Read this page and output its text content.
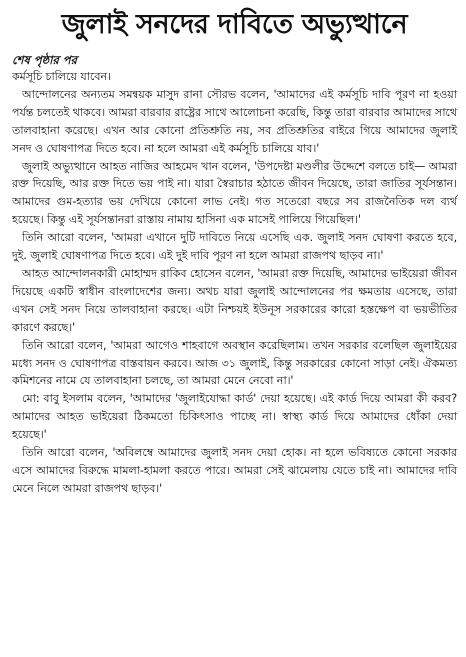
জুলাই সনদের দাবিতে অভ্যুত্থানে
শেষ পৃষ্ঠার পর

কর্মসূচি চালিয়ে যাবেন।

আন্দোলনের অন্যতম সমন্বয়ক মাসুদ রানা সৌরভ বলেন, 'আমাদের এই কর্মসূচি দাবি পূরণ না হওয়া পর্যন্ত চলতেই থাকবে। আমরা বারবার রাষ্ট্রের সাথে আলোচনা করেছি, কিন্তু তারা বারবার আমাদের সাথে তালবাহানা করেছে। এখন আর কোনো প্রতিশ্রুতি নয়, সব প্রতিশ্রুতির বাইরে গিয়ে আমাদের জুলাই সনদ ও ঘোষণাপত্র দিতে হবে। না হলে আমরা এই কর্মসূচি চালিয়ে যাব।'

জুলাই অভ্যুত্থানে আহত নাজির আহমেদ খান বলেন, 'উপদেষ্টা মণ্ডলীর উদ্দেশে বলতে চাই— আমরা রক্ত দিয়েছি, আর রক্ত দিতে ভয় পাই না। যারা স্বৈরাচার হঠাতে জীবন দিয়েছে, তারা জাতির সূর্যসন্তান। আমাদের গুম-হত্যার ভয় দেখিয়ে কোনো লাভ নেই। গত সতেরো বছরে সব রাজনৈতিক দল ব্যর্থ হয়েছে। কিন্তু এই সূর্যসন্তানরা রাস্তায় নামায় হাসিনা এক মাসেই পালিয়ে গিয়েছিল।'

তিনি আরো বলেন, 'আমরা এখানে দুটি দাবিতে নিয়ে এসেছি এক. জুলাই সনদ ঘোষণা করতে হবে, দুই. জুলাই ঘোষণাপত্র দিতে হবে। এই দুই দাবি পূরণ না হলে আমরা রাজপথ ছাড়ব না।'

আহত আন্দোলনকারী মোহাম্মদ রাকিব হোসেন বলেন, 'আমরা রক্ত দিয়েছি, আমাদের ভাইয়েরা জীবন দিয়েছে একটি স্বাধীন বাংলাদেশের জন্য। অথচ যারা জুলাই আন্দোলনের পর ক্ষমতায় এসেছে, তারা এখন সেই সনদ নিয়ে তালবাহানা করছে। এটা নিশ্চয়ই ইউনূস সরকারের কারো হস্তক্ষেপ বা ভয়ভীতির কারণে করছে।'

তিনি আরো বলেন, 'আমরা আগেও শাহবাগে অবস্থান করেছিলাম। তখন সরকার বলেছিল জুলাইয়ের মধ্যে সনদ ও ঘোষণাপত্র বাস্তবায়ন করবে। আজ ৩১ জুলাই, কিন্তু সরকারের কোনো সাড়া নেই। ঐকমত্য কমিশনের নামে যে তালবাহানা চলছে, তা আমরা মেনে নেবো না।'

মো: বাবু ইসলাম বলেন, 'আমাদের 'জুলাইযোদ্ধা কার্ড' দেয়া হয়েছে। এই কার্ড দিয়ে আমরা কী করব? আমাদের আহত ভাইয়েরা ঠিকমতো চিকিৎসাও পাচ্ছে না। স্বাস্থ্য কার্ড দিয়ে আমাদের ধোঁকা দেয়া হয়েছে।'

তিনি আরো বলেন, 'অবিলম্বে আমাদের জুলাই সনদ দেয়া হোক। না হলে ভবিষ্যতে কোনো সরকার এসে আমাদের বিরুদ্ধে মামলা-হামলা করতে পারে। আমরা সেই ঝামেলায় যেতে চাই না। আমাদের দাবি মেনে নিলে আমরা রাজপথ ছাড়ব।'
